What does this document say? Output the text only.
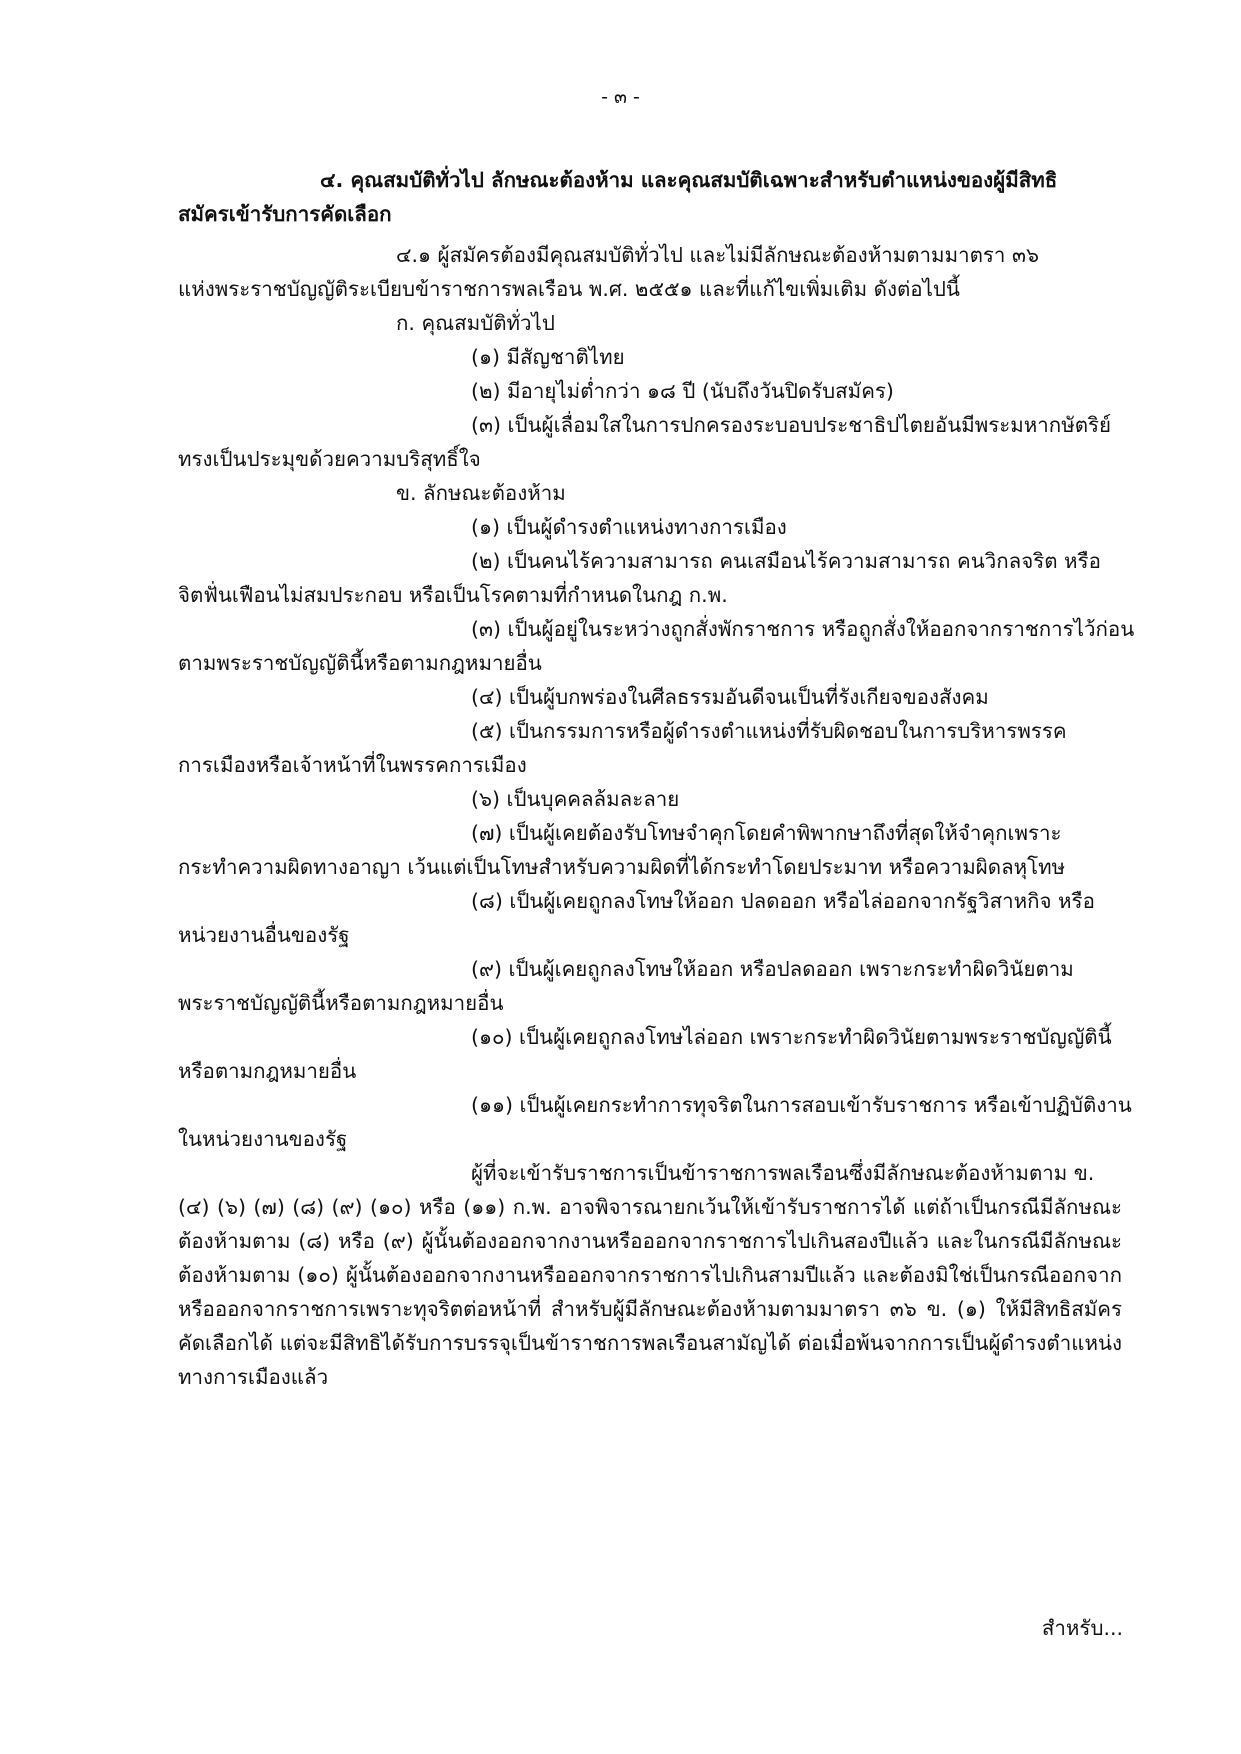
- ๓ -
๔. คุณสมบัติทั่วไป ลักษณะต้องห้าม และคุณสมบัติเฉพาะสำหรับตำแหน่งของผู้มีสิทธิ
สมัครเข้ารับการคัดเลือก
๔.๑ ผู้สมัครต้องมีคุณสมบัติทั่วไป และไม่มีลักษณะต้องห้ามตามมาตรา ๓๖
แห่งพระราชบัญญัติระเบียบข้าราชการพลเรือน พ.ศ. ๒๕๕๑ และที่แก้ไขเพิ่มเติม ดังต่อไปนี้
ก. คุณสมบัติทั่วไป
(๑) มีสัญชาติไทย
(๒) มีอายุไม่ต่ำกว่า ๑๘ ปี (นับถึงวันปิดรับสมัคร)
(๓) เป็นผู้เลื่อมใสในการปกครองระบอบประชาธิปไตยอันมีพระมหากษัตริย์
ทรงเป็นประมุขด้วยความบริสุทธิ์ใจ
ข. ลักษณะต้องห้าม
(๑) เป็นผู้ดำรงตำแหน่งทางการเมือง
(๒) เป็นคนไร้ความสามารถ คนเสมือนไร้ความสามารถ คนวิกลจริต หรือ
จิตฟั่นเฟือนไม่สมประกอบ หรือเป็นโรคตามที่กำหนดในกฎ ก.พ.
(๓) เป็นผู้อยู่ในระหว่างถูกสั่งพักราชการ หรือถูกสั่งให้ออกจากราชการไว้ก่อน
ตามพระราชบัญญัตินี้หรือตามกฎหมายอื่น
(๔) เป็นผู้บกพร่องในศีลธรรมอันดีจนเป็นที่รังเกียจของสังคม
(๕) เป็นกรรมการหรือผู้ดำรงตำแหน่งที่รับผิดชอบในการบริหารพรรค
การเมืองหรือเจ้าหน้าที่ในพรรคการเมือง
(๖) เป็นบุคคลล้มละลาย
(๗) เป็นผู้เคยต้องรับโทษจำคุกโดยคำพิพากษาถึงที่สุดให้จำคุกเพราะ
กระทำความผิดทางอาญา เว้นแต่เป็นโทษสำหรับความผิดที่ได้กระทำโดยประมาท หรือความผิดลหุโทษ
(๘) เป็นผู้เคยถูกลงโทษให้ออก ปลดออก หรือไล่ออกจากรัฐวิสาหกิจ หรือ
หน่วยงานอื่นของรัฐ
(๙) เป็นผู้เคยถูกลงโทษให้ออก หรือปลดออก เพราะกระทำผิดวินัยตาม
พระราชบัญญัตินี้หรือตามกฎหมายอื่น
(๑๐) เป็นผู้เคยถูกลงโทษไล่ออก เพราะกระทำผิดวินัยตามพระราชบัญญัตินี้
หรือตามกฎหมายอื่น
(๑๑) เป็นผู้เคยกระทำการทุจริตในการสอบเข้ารับราชการ หรือเข้าปฏิบัติงาน
ในหน่วยงานของรัฐ
ผู้ที่จะเข้ารับราชการเป็นข้าราชการพลเรือนซึ่งมีลักษณะต้องห้ามตาม ข.
(๔) (๖) (๗) (๘) (๙) (๑๐) หรือ (๑๑) ก.พ. อาจพิจารณายกเว้นให้เข้ารับราชการได้ แต่ถ้าเป็นกรณีมีลักษณะ
ต้องห้ามตาม (๘) หรือ (๙) ผู้นั้นต้องออกจากงานหรือออกจากราชการไปเกินสองปีแล้ว และในกรณีมีลักษณะ
ต้องห้ามตาม (๑๐) ผู้นั้นต้องออกจากงานหรือออกจากราชการไปเกินสามปีแล้ว และต้องมิใช่เป็นกรณีออกจาก
หรือออกจากราชการเพราะทุจริตต่อหน้าที่ สำหรับผู้มีลักษณะต้องห้ามตามมาตรา ๓๖ ข. (๑) ให้มีสิทธิสมัคร
คัดเลือกได้ แต่จะมีสิทธิได้รับการบรรจุเป็นข้าราชการพลเรือนสามัญได้ ต่อเมื่อพ้นจากการเป็นผู้ดำรงตำแหน่ง
ทางการเมืองแล้ว
สำหรับ...
